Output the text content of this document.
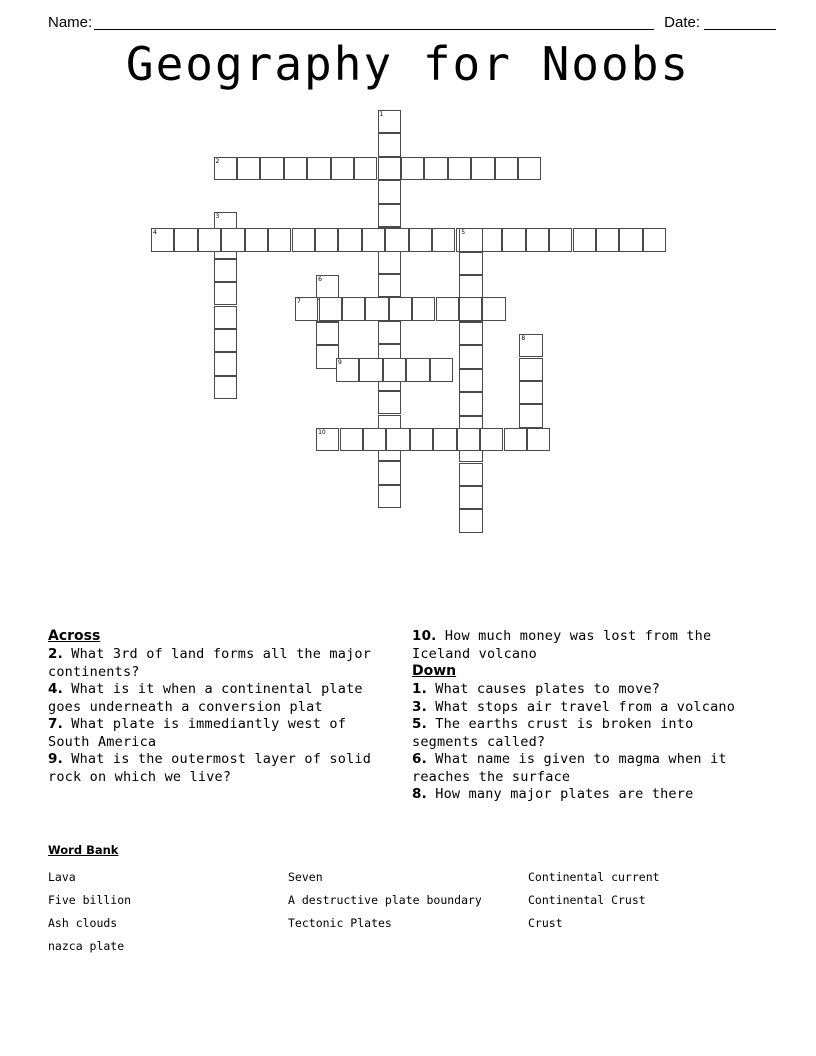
Name:	Date:
Geography for Noobs
1
2
3
4	5
6
7
8
9
10
Across

2. What 3rd of land forms all the major continents?

4. What is it when a continental plate goes underneath a conversion plat

7. What plate is immediantly west of South America

9. What is the outermost layer of solid rock on which we live?

10. How much money was lost from the Iceland volcano

Down

1. What causes plates to move?

3. What stops air travel from a volcano

5. The earths crust is broken into segments called?

6. What name is given to magma when it reaches the surface

8. How many major plates are there

Word Bank
Lava
Five billion
Ash clouds
nazca plate
Seven
A destructive plate boundary
Tectonic Plates
Continental current
Continental Crust
Crust
